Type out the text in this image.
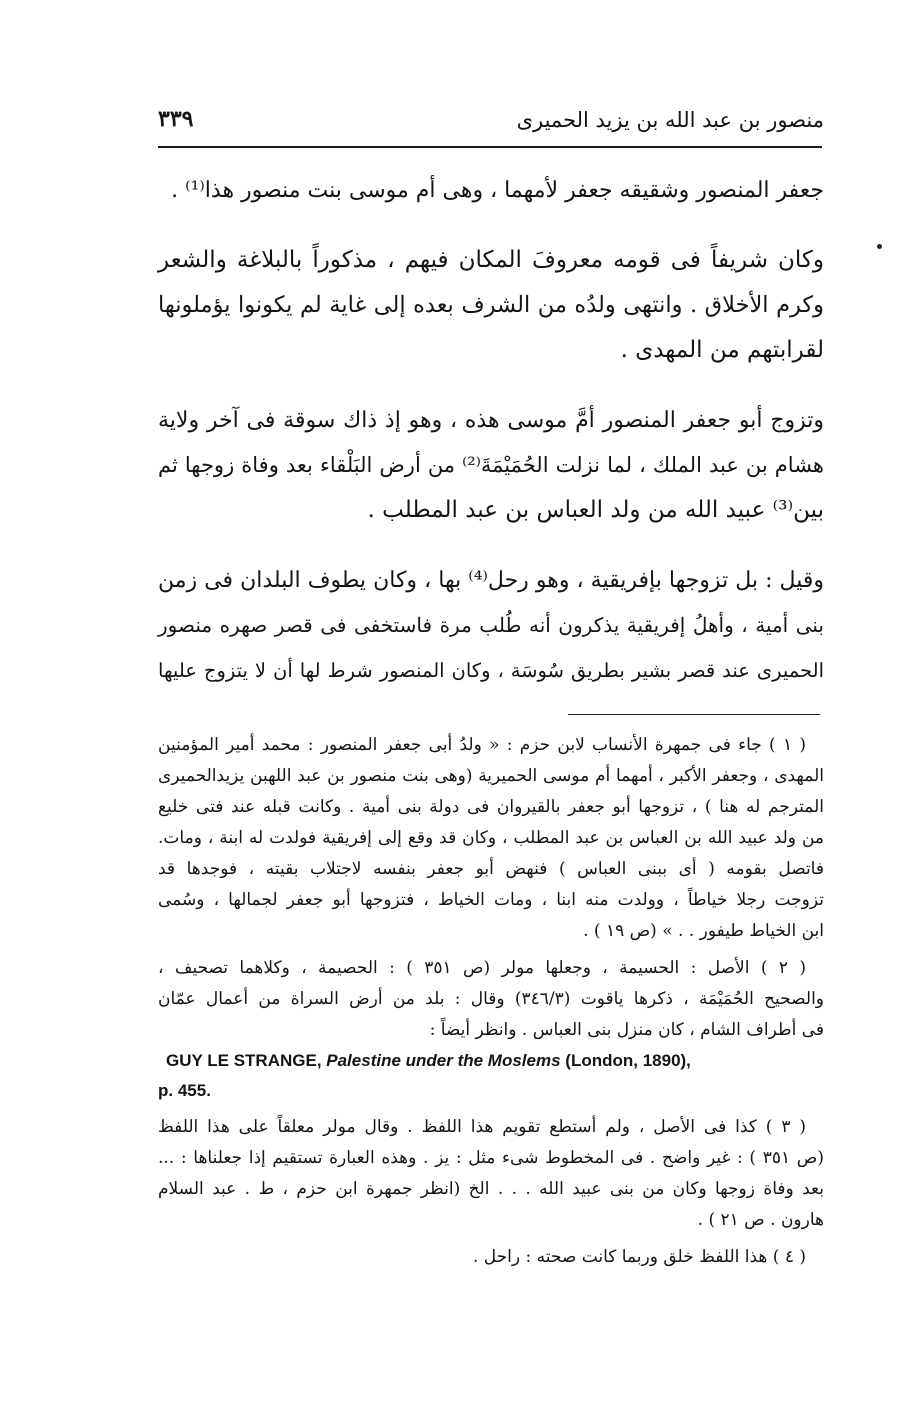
منصور بن عبد الله بن يزيد الحميرى
٣٣٩
جعفر المنصور وشقيقه جعفر لأمهما ، وهى أم موسى بنت منصور هذا⁽¹⁾ .
وكان شريفاً فى قومه معروفَ المكان فيهم ، مذكوراً بالبلاغة والشعر
وكرم الأخلاق . وانتهى ولدُه من الشرف بعده إلى غاية لم يكونوا يؤملونها
لقرابتهم من المهدى .
وتزوج أبو جعفر المنصور أمَّ موسى هذه ، وهو إذ ذاك سوقة فى آخر ولاية
هشام بن عبد الملك ، لما نزلت الحُمَيْمَةَ⁽²⁾ من أرض البَلْقاء بعد وفاة زوجها ثم
بين⁽³⁾ عبيد الله من ولد العباس بن عبد المطلب .
وقيل : بل تزوجها بإفريقية ، وهو رحل⁽⁴⁾ بها ، وكان يطوف البلدان فى زمن
بنى أمية ، وأهلُ إفريقية يذكرون أنه طُلب مرة فاستخفى فى قصر صهره منصور
الحميرى عند قصر بشير بطريق سُوسَة ، وكان المنصور شرط لها أن لا يتزوج عليها
( ١ ) جاء فى جمهرة الأنساب لابن حزم : « ولدُ أبى جعفر المنصور : محمد أمير المؤمنين
المهدى ، وجعفر الأكبر ، أمهما أم موسى الحميرية (وهى بنت منصور بن عبد اللهبن يزيدالحميرى
المترجم له هنا ) ، تزوجها أبو جعفر بالقيروان فى دولة بنى أمية . وكانت قبله عند فتى خليع
من ولد عبيد الله بن العباس بن عبد المطلب ، وكان قد وقع إلى إفريقية فولدت له ابنة ، ومات.
فاتصل بقومه ( أى ببنى العباس ) فنهض أبو جعفر بنفسه لاجتلاب بقيته ، فوجدها قد
تزوجت رجلا خياطاً ، وولدت منه ابنا ، ومات الخياط ، فتزوجها أبو جعفر لجمالها ، وسُمى
ابن الخياط طيفور . . » (ص ١٩ ) .
( ٢ ) الأصل : الحسيمة ، وجعلها مولر (ص ٣٥١ ) : الحصيمة ، وكلاهما تصحيف ،
والصحيح الحُمَيْمَة ، ذكرها ياقوت (٣٤٦/٣) وقال : بلد من أرض السراة من أعمال عمّان
فى أطراف الشام ، كان منزل بنى العباس . وانظر أيضاً :
GUY LE STRANGE, Palestine under the Moslems (London, 1890),
p. 455.
( ٣ ) كذا فى الأصل ، ولم أستطع تقويم هذا اللفظ . وقال مولر معلقاً على هذا اللفظ
(ص ٣٥١ ) : غير واضح . فى المخطوط شىء مثل : يز . وهذه العبارة تستقيم إذا جعلناها : ...
بعد وفاة زوجها وكان من بنى عبيد الله . . . الخ (انظر جمهرة ابن حزم ، ط . عبد السلام
هارون . ص ٢١ ) .
( ٤ ) هذا اللفظ خلق وربما كانت صحته : راحل .
